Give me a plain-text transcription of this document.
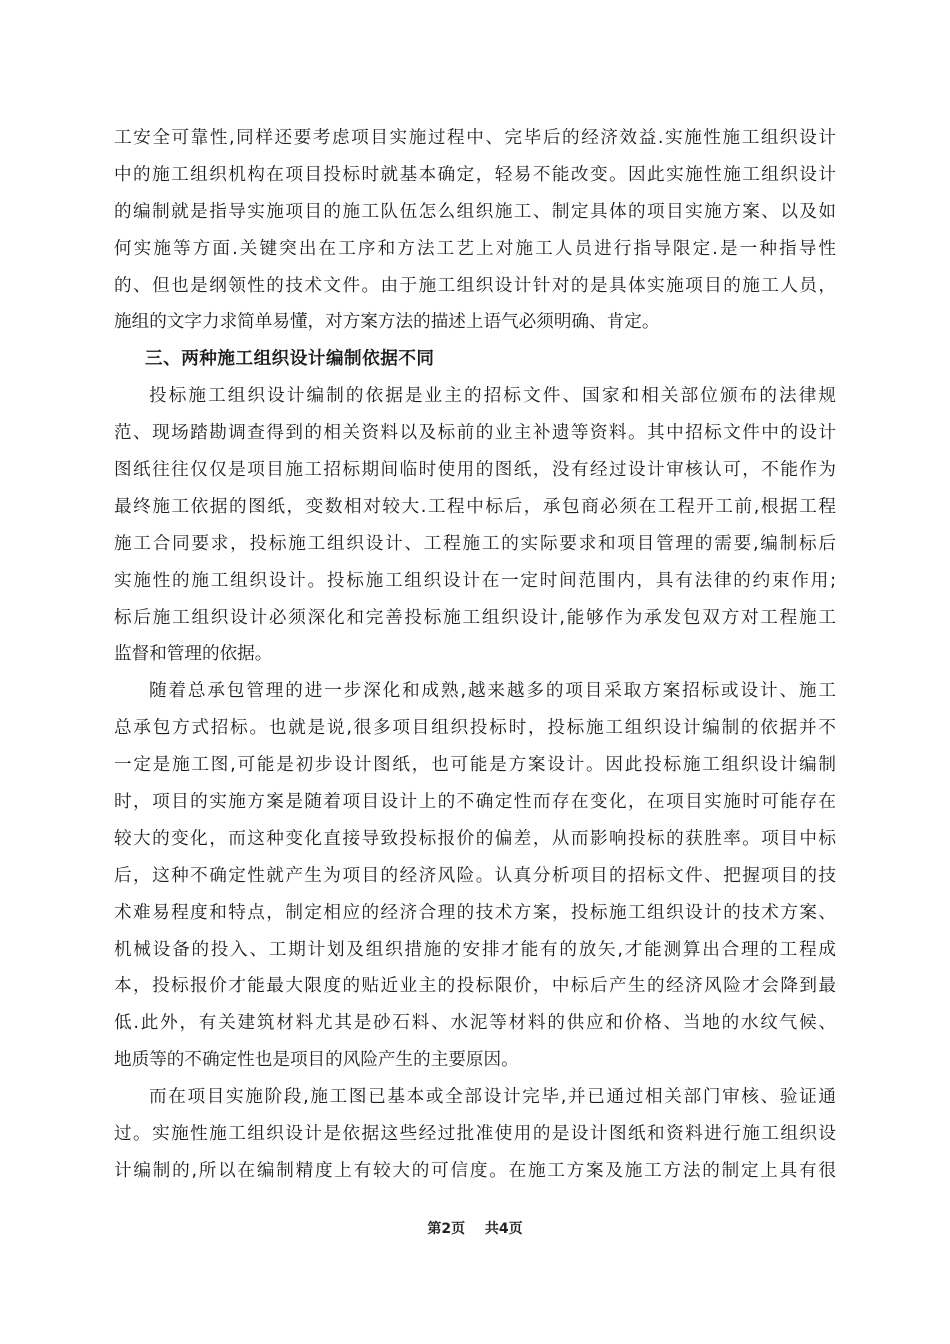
工安全可靠性,同样还要考虑项目实施过程中、完毕后的经济效益.实施性施工组织设计
中的施工组织机构在项目投标时就基本确定，轻易不能改变。因此实施性施工组织设计
的编制就是指导实施项目的施工队伍怎么组织施工、制定具体的项目实施方案、以及如
何实施等方面.关键突出在工序和方法工艺上对施工人员进行指导限定.是一种指导性
的、但也是纲领性的技术文件。由于施工组织设计针对的是具体实施项目的施工人员，
施组的文字力求简单易懂，对方案方法的描述上语气必须明确、肯定。
三、两种施工组织设计编制依据不同
投标施工组织设计编制的依据是业主的招标文件、国家和相关部位颁布的法律规
范、现场踏勘调查得到的相关资料以及标前的业主补遗等资料。其中招标文件中的设计
图纸往往仅仅是项目施工招标期间临时使用的图纸，没有经过设计审核认可，不能作为
最终施工依据的图纸，变数相对较大.工程中标后，承包商必须在工程开工前,根据工程
施工合同要求，投标施工组织设计、工程施工的实际要求和项目管理的需要,编制标后
实施性的施工组织设计。投标施工组织设计在一定时间范围内，具有法律的约束作用;
标后施工组织设计必须深化和完善投标施工组织设计,能够作为承发包双方对工程施工
监督和管理的依据。
随着总承包管理的进一步深化和成熟,越来越多的项目采取方案招标或设计、施工
总承包方式招标。也就是说,很多项目组织投标时，投标施工组织设计编制的依据并不
一定是施工图,可能是初步设计图纸，也可能是方案设计。因此投标施工组织设计编制
时，项目的实施方案是随着项目设计上的不确定性而存在变化，在项目实施时可能存在
较大的变化，而这种变化直接导致投标报价的偏差，从而影响投标的获胜率。项目中标
后，这种不确定性就产生为项目的经济风险。认真分析项目的招标文件、把握项目的技
术难易程度和特点，制定相应的经济合理的技术方案，投标施工组织设计的技术方案、
机械设备的投入、工期计划及组织措施的安排才能有的放矢,才能测算出合理的工程成
本，投标报价才能最大限度的贴近业主的投标限价，中标后产生的经济风险才会降到最
低.此外，有关建筑材料尤其是砂石料、水泥等材料的供应和价格、当地的水纹气候、
地质等的不确定性也是项目的风险产生的主要原因。
而在项目实施阶段,施工图已基本或全部设计完毕,并已通过相关部门审核、验证通
过。实施性施工组织设计是依据这些经过批准使用的是设计图纸和资料进行施工组织设
计编制的,所以在编制精度上有较大的可信度。在施工方案及施工方法的制定上具有很
第2页 共4页
